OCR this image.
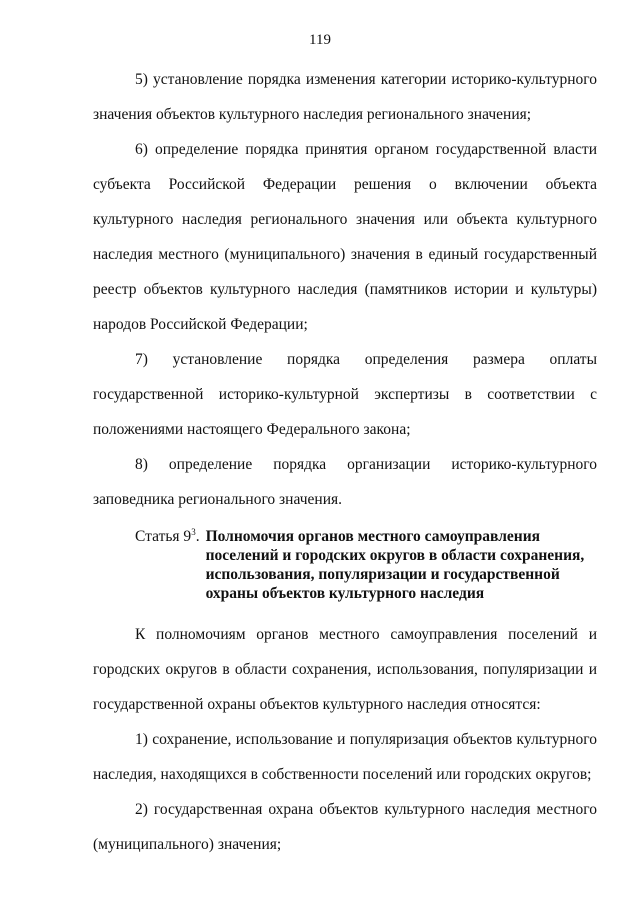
119

5) установление порядка изменения категории историко-культурного значения объектов культурного наследия регионального значения;

6) определение порядка принятия органом государственной власти субъекта Российской Федерации решения о включении объекта культурного наследия регионального значения или объекта культурного наследия местного (муниципального) значения в единый государственный реестр объектов культурного наследия (памятников истории и культуры) народов Российской Федерации;

7) установление порядка определения размера оплаты государственной историко-культурной экспертизы в соответствии с положениями настоящего Федерального закона;

8) определение порядка организации историко-культурного заповедника регионального значения.

Статья $9^3$. Полномочия органов местного самоуправления поселений и городских округов в области сохранения, использования, популяризации и государственной охраны объектов культурного наследия

К полномочиям органов местного самоуправления поселений и городских округов в области сохранения, использования, популяризации и государственной охраны объектов культурного наследия относятся:

1) сохранение, использование и популяризация объектов культурного наследия, находящихся в собственности поселений или городских округов;

2) государственная охрана объектов культурного наследия местного (муниципального) значения;
